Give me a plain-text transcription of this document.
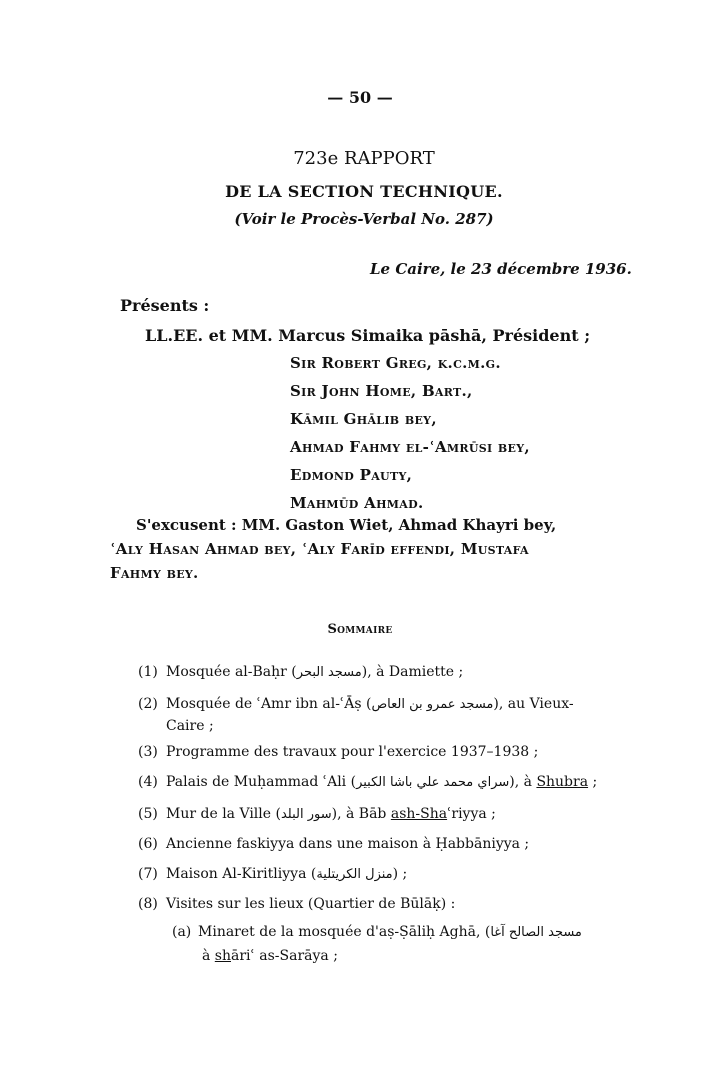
— 50 —
723e RAPPORT
DE LA SECTION TECHNIQUE.
(Voir le Procès-Verbal No. 287)
Le Caire, le 23 décembre 1936.
Présents :
LL.EE. et MM. Marcus Simaika pāshā, Président ;
Sir Robert Greg, k.c.m.g.
Sir John Home, Bart.,
Kāmil Ghālib bey,
Ahmad Fahmy el-ʿAmrūsi bey,
Edmond Pauty,
Mahmūd Ahmad.
S'excusent : MM. Gaston Wiet, Ahmad Khayri bey,
ʿAly Hasan Ahmad bey, ʿAly Farīd effendi, Mustafa
Fahmy bey.
Sommaire
(1) Mosquée al-Baḥr (مسجد البحر), à Damiette ;
(2) Mosquée de ʿAmr ibn al-ʿĀṣ (مسجد عمرو بن العاص), au Vieux-
Caire ;
(3) Programme des travaux pour l'exercice 1937–1938 ;
(4) Palais de Muḥammad ʿAli (سراي محمد علي باشا الكبير), à Shubra ;
(5) Mur de la Ville (سور البلد), à Bāb ash-Shaʿriyya ;
(6) Ancienne faskiyya dans une maison à Ḥabbāniyya ;
(7) Maison Al-Kiritliyya (منزل الكريتلية) ;
(8) Visites sur les lieux (Quartier de Būlāḳ) :
(a) Minaret de la mosquée d'aṣ-Ṣāliḥ Aghā, (مسجد الصالح آغا
à shāriʿ as-Sarāya ;
